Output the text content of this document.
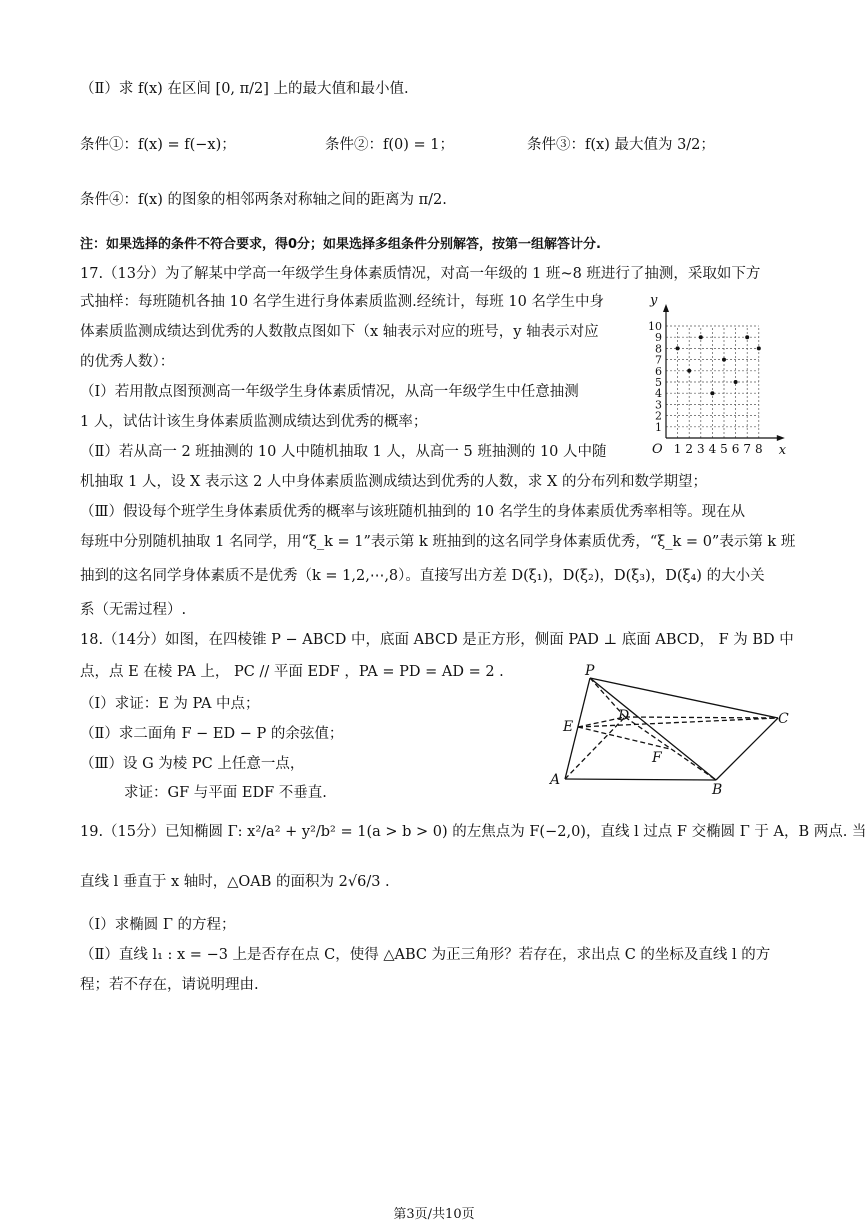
（Ⅱ）求 f(x) 在区间 [0, π/2] 上的最大值和最小值.
条件①：f(x) = f(−x)；	条件②：f(0) = 1；	条件③：f(x) 最大值为 3/2；
条件④：f(x) 的图象的相邻两条对称轴之间的距离为 π/2.
注：如果选择的条件不符合要求，得0分；如果选择多组条件分别解答，按第一组解答计分.
17.（13分）为了解某中学高一年级学生身体素质情况，对高一年级的 1 班~8 班进行了抽测，采取如下方
式抽样：每班随机各抽 10 名学生进行身体素质监测.经统计，每班 10 名学生中身
体素质监测成绩达到优秀的人数散点图如下（x 轴表示对应的班号，y 轴表示对应
的优秀人数）：
（Ⅰ）若用散点图预测高一年级学生身体素质情况，从高一年级学生中任意抽测
1 人，试估计该生身体素质监测成绩达到优秀的概率；
（Ⅱ）若从高一 2 班抽测的 10 人中随机抽取 1 人，从高一 5 班抽测的 10 人中随
机抽取 1 人，设 X 表示这 2 人中身体素质监测成绩达到优秀的人数，求 X 的分布列和数学期望；
（Ⅲ）假设每个班学生身体素质优秀的概率与该班随机抽到的 10 名学生的身体素质优秀率相等。现在从
每班中分别随机抽取 1 名同学，用“ξ_k = 1”表示第 k 班抽到的这名同学身体素质优秀，“ξ_k = 0”表示第 k 班
抽到的这名同学身体素质不是优秀（k = 1,2,⋯,8）。直接写出方差 D(ξ₁)，D(ξ₂)，D(ξ₃)，D(ξ₄) 的大小关
系（无需过程）.
1 2 3 4 5 6 7 8
1
2
3
4
5
6
7
8
9
10
O	x
y
18.（14分）如图，在四棱锥 P − ABCD 中，底面 ABCD 是正方形，侧面 PAD ⊥ 底面 ABCD， F 为 BD 中
点，点 E 在棱 PA 上， PC // 平面 EDF ，PA = PD = AD = 2 .
（Ⅰ）求证：E 为 PA 中点；
（Ⅱ）求二面角 F − ED − P 的余弦值；
（Ⅲ）设 G 为棱 PC 上任意一点，
求证：GF 与平面 EDF 不垂直.
P
D	C
E
F
A
B
19.（15分）已知椭圆 Γ: x²/a² + y²/b² = 1(a > b > 0) 的左焦点为 F(−2,0)，直线 l 过点 F 交椭圆 Γ 于 A，B 两点. 当
直线 l 垂直于 x 轴时，△OAB 的面积为 2√6/3 .
（Ⅰ）求椭圆 Γ 的方程；
（Ⅱ）直线 l₁ : x = −3 上是否存在点 C，使得 △ABC 为正三角形？若存在，求出点 C 的坐标及直线 l 的方
程；若不存在，请说明理由.
第3页/共10页
